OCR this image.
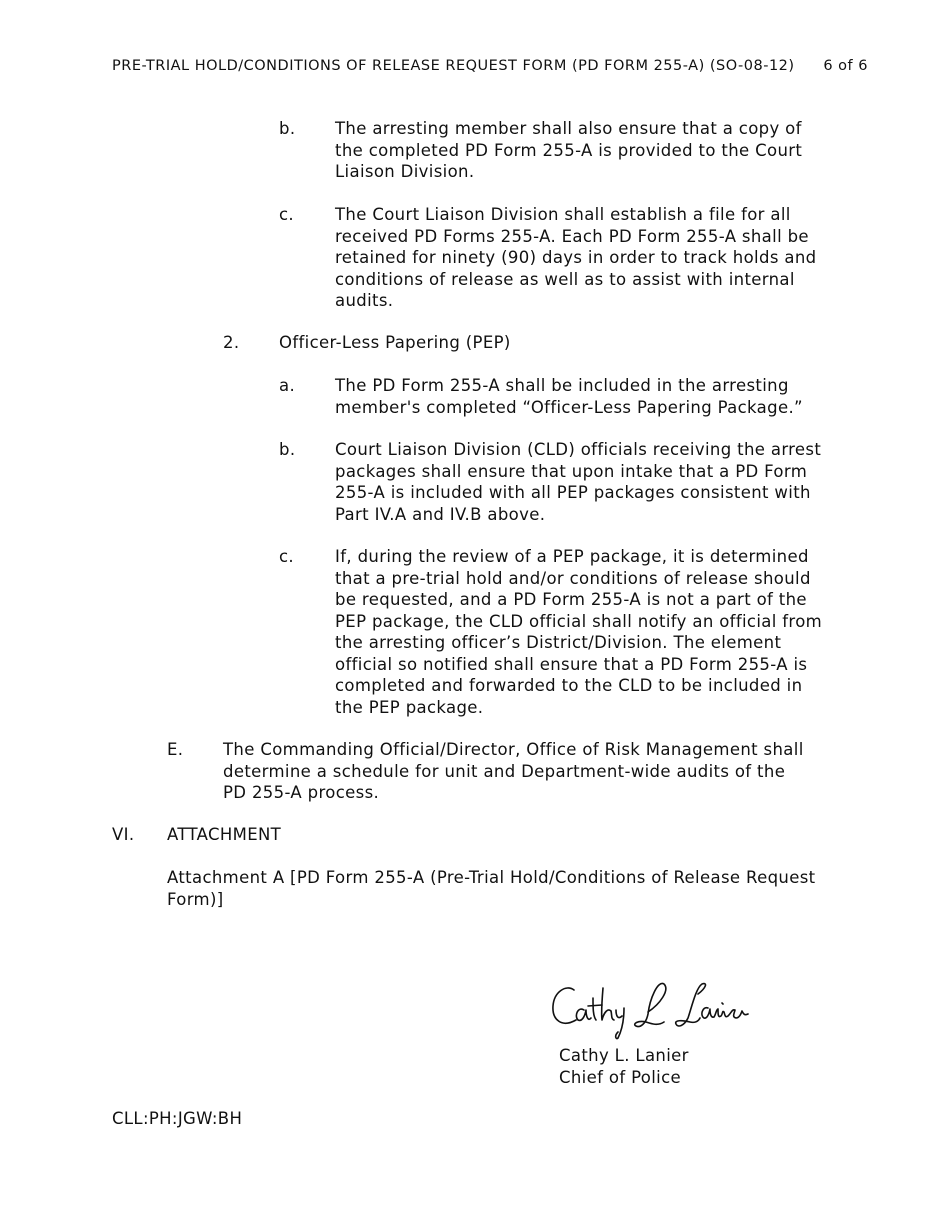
PRE-TRIAL HOLD/CONDITIONS OF RELEASE REQUEST FORM (PD FORM 255-A) (SO-08-12) 6 of 6
b. The arresting member shall also ensure that a copy of the completed PD Form 255-A is provided to the Court Liaison Division.
c. The Court Liaison Division shall establish a file for all received PD Forms 255-A. Each PD Form 255-A shall be retained for ninety (90) days in order to track holds and conditions of release as well as to assist with internal audits.
2. Officer-Less Papering (PEP)
a. The PD Form 255-A shall be included in the arresting member's completed “Officer-Less Papering Package.”
b. Court Liaison Division (CLD) officials receiving the arrest packages shall ensure that upon intake that a PD Form 255-A is included with all PEP packages consistent with Part IV.A and IV.B above.
c. If, during the review of a PEP package, it is determined that a pre-trial hold and/or conditions of release should be requested, and a PD Form 255-A is not a part of the PEP package, the CLD official shall notify an official from the arresting officer’s District/Division. The element official so notified shall ensure that a PD Form 255-A is completed and forwarded to the CLD to be included in the PEP package.
E. The Commanding Official/Director, Office of Risk Management shall determine a schedule for unit and Department-wide audits of the PD 255-A process.
VI. ATTACHMENT
Attachment A [PD Form 255-A (Pre-Trial Hold/Conditions of Release Request Form)]
Cathy L. Lanier
Chief of Police
CLL:PH:JGW:BH
